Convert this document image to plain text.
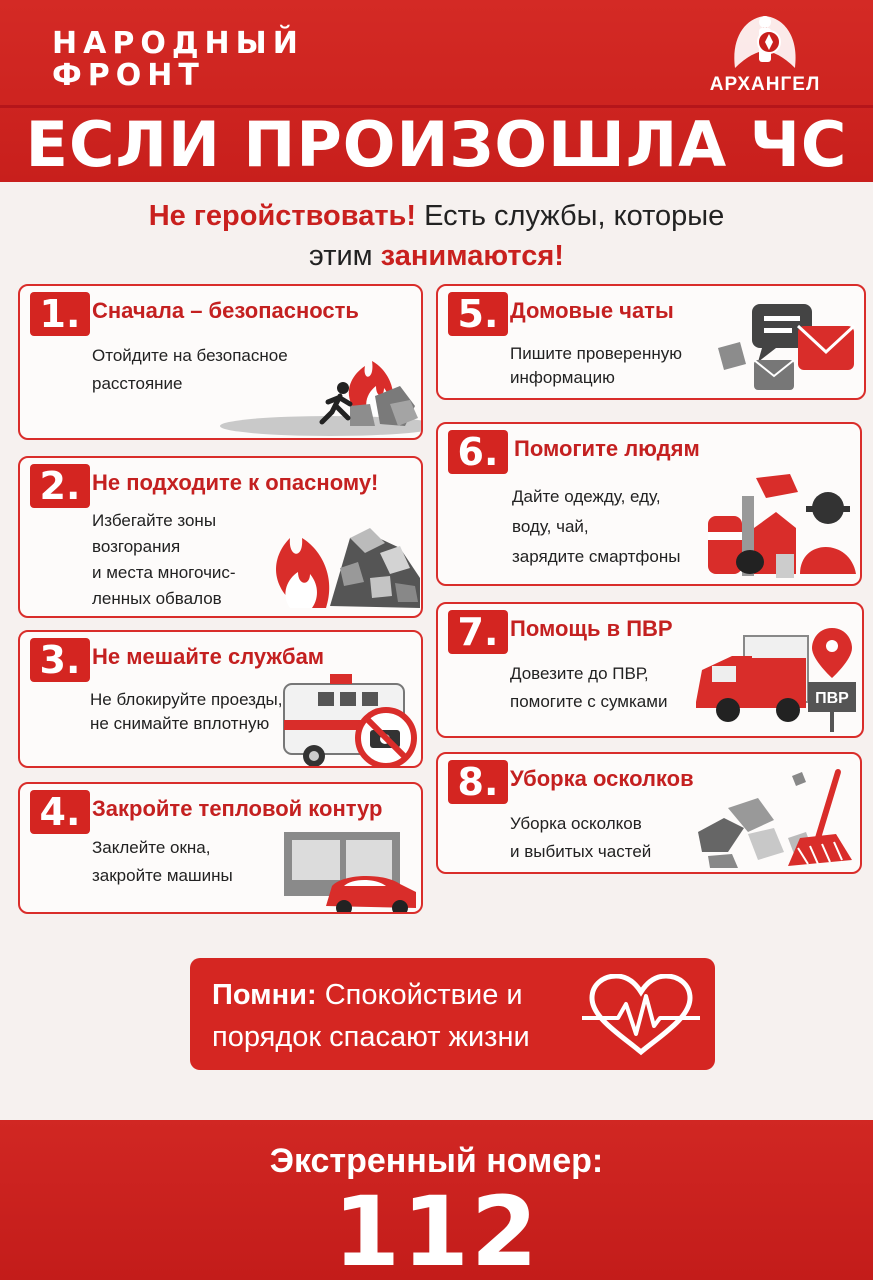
НАРОДНЫЙ
ФРОНТ	АРХАНГЕЛ
ЕСЛИ ПРОИЗОШЛА ЧС
Не геройствовать! Есть службы, которые
этим занимаются!
1. Сначала – безопасность
Отойдите на безопасное
расстояние
2. Не подходите к опасному!
Избегайте зоны
возгорания
и места многочис-
ленных обвалов
3. Не мешайте службам
Не блокируйте проезды,
не снимайте вплотную
4. Закройте тепловой контур
Заклейте окна,
закройте машины
5. Домовые чаты
Пишите проверенную
информацию
6. Помогите людям
Дайте одежду, еду,
воду, чай,
зарядите смартфоны
7. Помощь в ПВР
Довезите до ПВР,
помогите с сумками	ПВР
8. Уборка осколков
Уборка осколков
и выбитых частей
Помни: Спокойствие и
порядок спасают жизни
Экстренный номер:
112
